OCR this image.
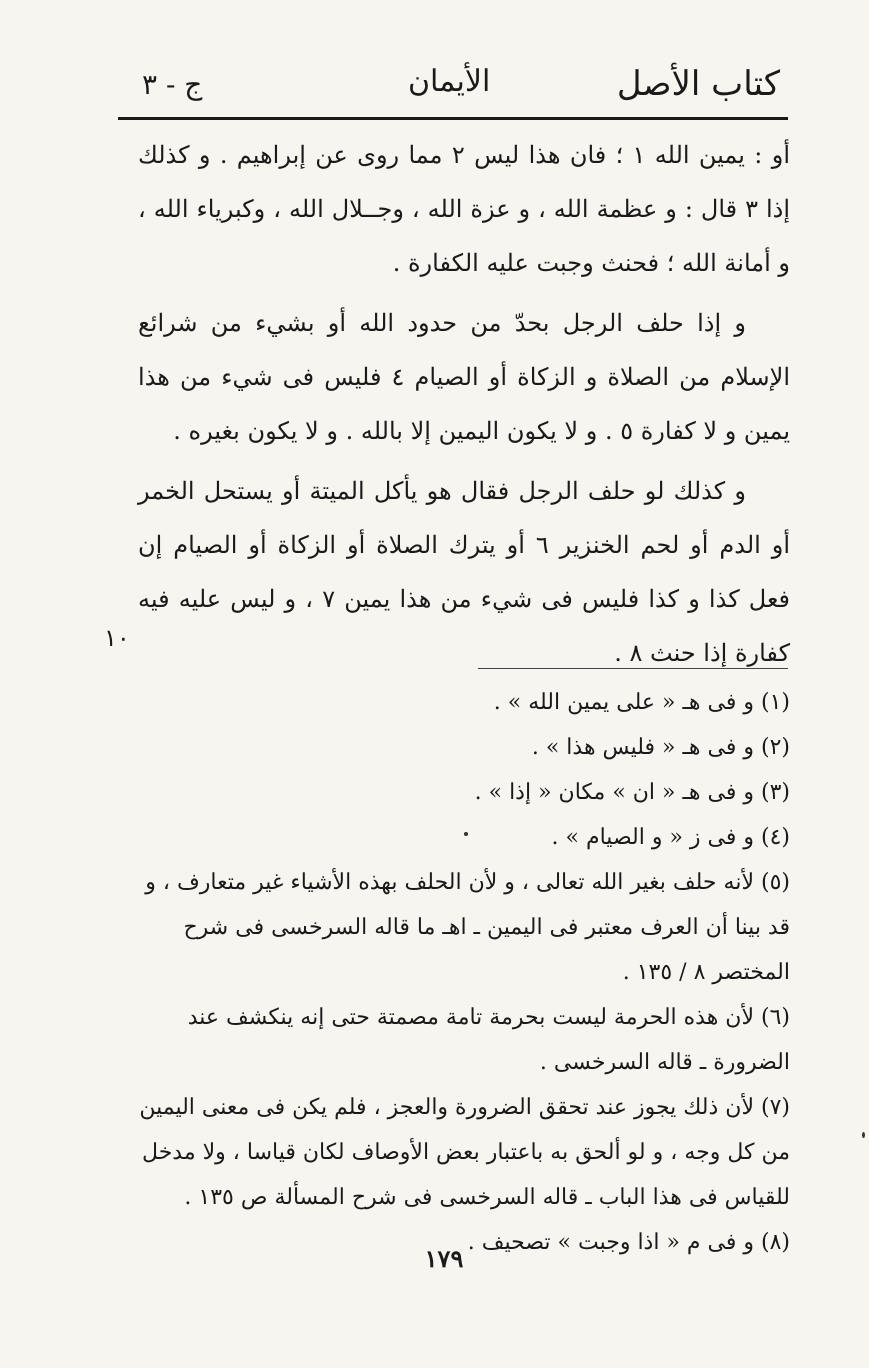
كتاب الأصل
الأيمان
ج - ٣

أو : يمين الله ١ ؛ فان هذا ليس ٢ مما روى عن إبراهيم . و كذلك إذا ٣ قال : و عظمة الله ، و عزة الله ، وجــلال الله ، وكبرياء الله ، و أمانة الله ؛ فحنث وجبت عليه الكفارة .

و إذا حلف الرجل بحدّ من حدود الله أو بشيء من شرائع الإسلام من الصلاة و الزكاة أو الصيام ٤ فليس فى شيء من هذا يمين و لا كفارة ٥ . و لا يكون اليمين إلا بالله . و لا يكون بغيره .

و كذلك لو حلف الرجل فقال هو يأكل الميتة أو يستحل الخمر أو الدم أو لحم الخنزير ٦ أو يترك الصلاة أو الزكاة أو الصيام إن فعل كذا و كذا فليس فى شيء من هذا يمين ٧ ، و ليس عليه فيه كفارة إذا حنث ٨ .

١٠

(١) و فى هـ « على يمين الله » .

(٢) و فى هـ « فليس هذا » .

(٣) و فى هـ « ان » مكان « إذا » .

(٤) و فى ز « و الصيام » .

(٥) لأنه حلف بغير الله تعالى ، و لأن الحلف بهذه الأشياء غير متعارف ، و قد بينا أن العرف معتبر فى اليمين ـ اهـ ما قاله السرخسى فى شرح المختصر ٨ / ١٣٥ .

(٦) لأن هذه الحرمة ليست بحرمة تامة مصمتة حتى إنه ينكشف عند الضرورة ـ قاله السرخسى .

(٧) لأن ذلك يجوز عند تحقق الضرورة والعجز ، فلم يكن فى معنى اليمين من كل وجه ، و لو ألحق به باعتبار بعض الأوصاف لكان قياسا ، ولا مدخل للقياس فى هذا الباب ـ قاله السرخسى فى شرح المسألة ص ١٣٥ .

(٨) و فى م « اذا وجبت » تصحيف .

١٧٩
